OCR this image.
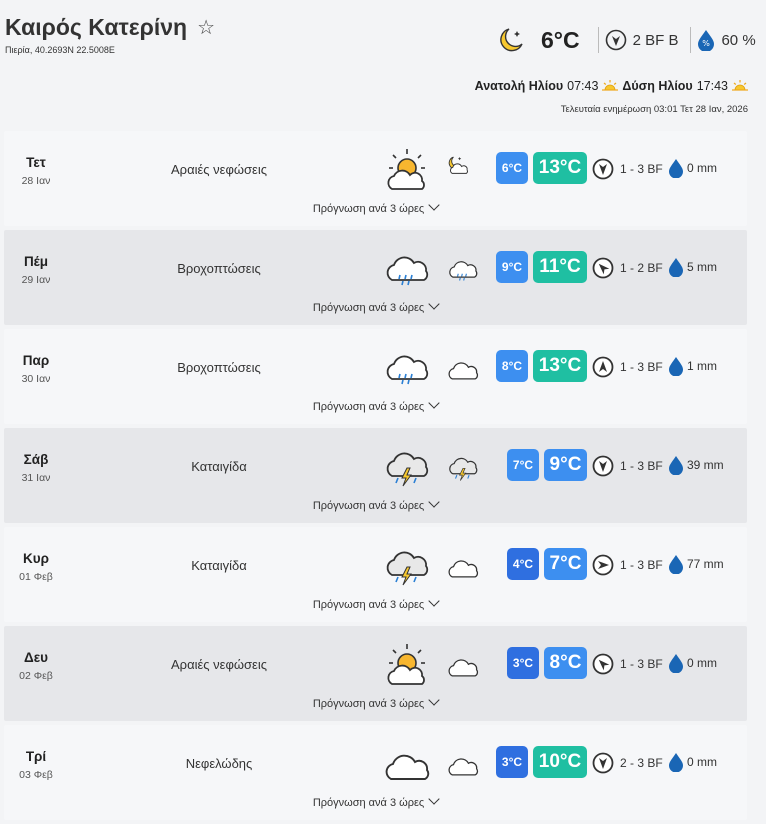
Καιρός Κατερίνη ☆
Πιερία, 40.2693N 22.5008E	6°C	2 BF Β	% 60 %
Ανατολή Ηλίου 07:43 Δύση Ηλίου 17:43
Τελευταία ενημέρωση 03:01 Τετ 28 Ιαν, 2026
Τετ
28 Ιαν
Αραιές νεφώσεις	6°C 13°C	1 - 3 BF 0 mm
Πρόγνωση ανά 3 ώρες
Πέμ
29 Ιαν
Βροχοπτώσεις	9°C 11°C	1 - 2 BF 5 mm
Πρόγνωση ανά 3 ώρες
Παρ
30 Ιαν
Βροχοπτώσεις	8°C 13°C	1 - 3 BF 1 mm
Πρόγνωση ανά 3 ώρες
Σάβ
31 Ιαν
Καταιγίδα	7°C 9°C	1 - 3 BF 39 mm
Πρόγνωση ανά 3 ώρες
Κυρ
01 Φεβ
Καταιγίδα	4°C 7°C	1 - 3 BF 77 mm
Πρόγνωση ανά 3 ώρες
Δευ
02 Φεβ
Αραιές νεφώσεις	3°C 8°C	1 - 3 BF 0 mm
Πρόγνωση ανά 3 ώρες
Τρί
03 Φεβ
Νεφελώδης	3°C 10°C	2 - 3 BF 0 mm
Πρόγνωση ανά 3 ώρες
